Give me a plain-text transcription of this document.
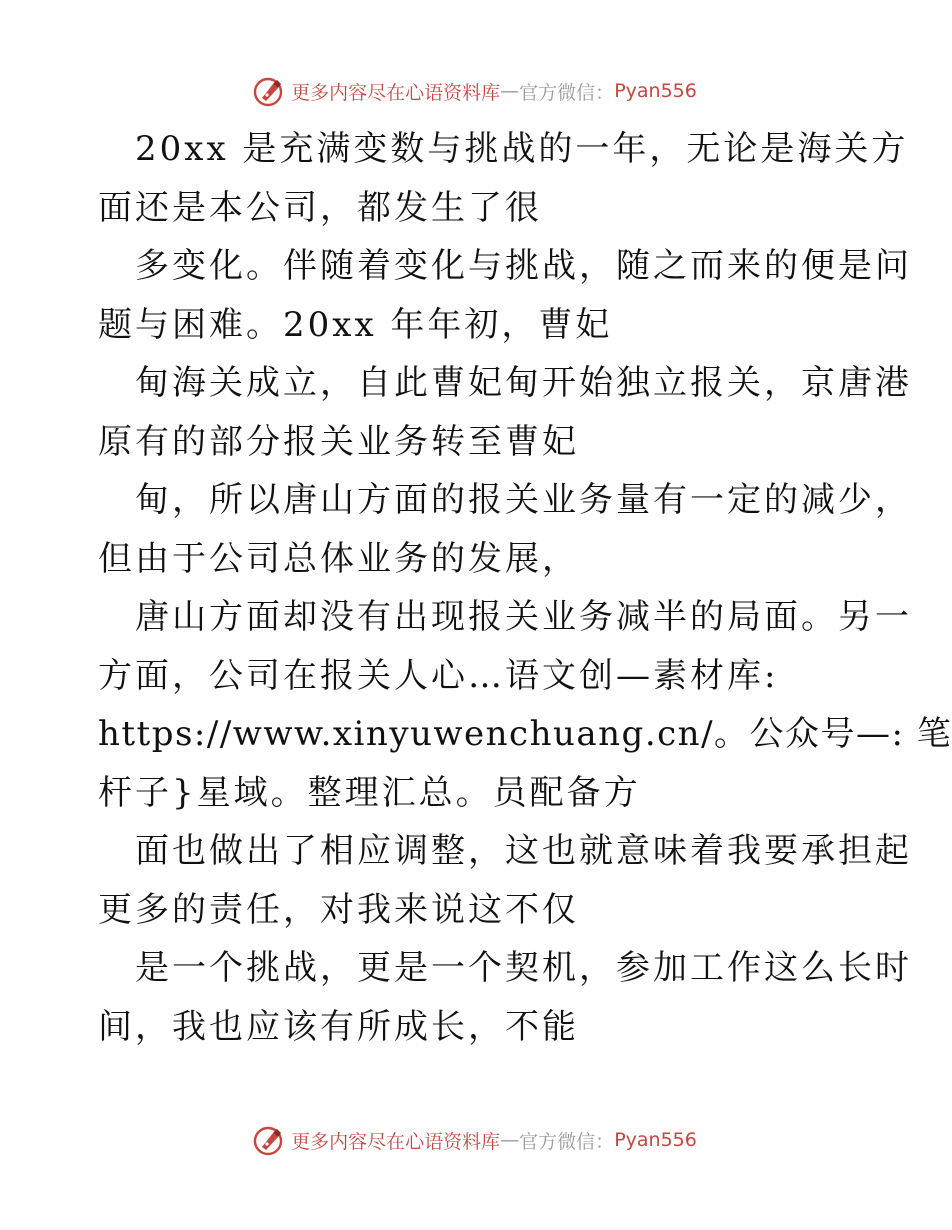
更多内容尽在心语资料库 — 官方微信： Pyan556
20xx 是充满变数与挑战的一年，无论是海关方
面还是本公司，都发生了很
多变化。伴随着变化与挑战，随之而来的便是问
题与困难。20xx 年年初，曹妃
甸海关成立，自此曹妃甸开始独立报关，京唐港
原有的部分报关业务转至曹妃
甸，所以唐山方面的报关业务量有一定的减少，
但由于公司总体业务的发展，
唐山方面却没有出现报关业务减半的局面。另一
方面，公司在报关人心…语文创—素材库:
https://www.xinyuwenchuang.cn/。公众号—: 笔
杆子}星域。整理汇总。员配备方
面也做出了相应调整，这也就意味着我要承担起
更多的责任，对我来说这不仅
是一个挑战，更是一个契机，参加工作这么长时
间，我也应该有所成长，不能
更多内容尽在心语资料库 — 官方微信： Pyan556
